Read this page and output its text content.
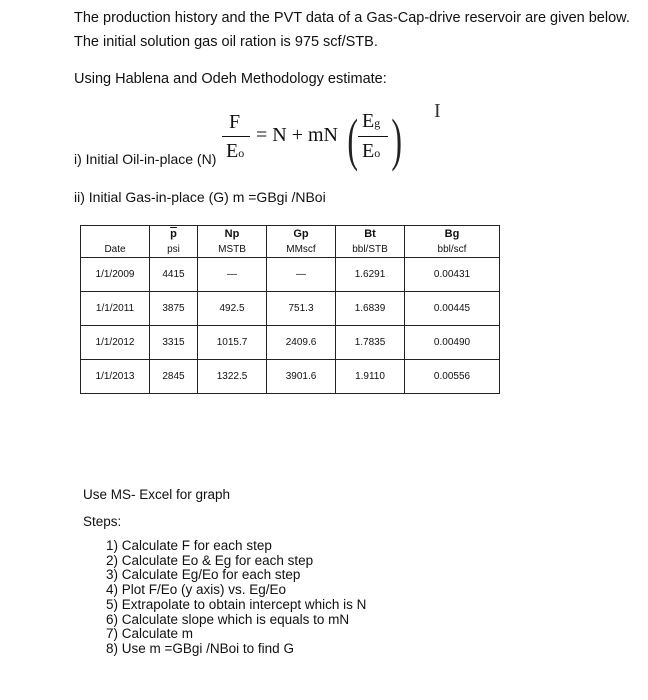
The production history and the PVT data of a Gas-Cap-drive reservoir are given below.
The initial solution gas oil ration is 975 scf/STB.
Using Hablena and Odeh Methodology estimate:
I
F
Eo
= N + mN ( Eg
Eo )
i) Initial Oil-in-place (N)
ii) Initial Gas-in-place (G) m =GBgi /NBoi
	$\overline{p}$	Np	Gp	Bt	Bg
Date	psi	MSTB	MMscf	bbl/STB	bbl/scf
1/1/2009	4415	—	—	1.6291	0.00431
1/1/2011	3875	492.5	751.3	1.6839	0.00445
1/1/2012	3315	1015.7	2409.6	1.7835	0.00490
1/1/2013	2845	1322.5	3901.6	1.9110	0.00556
Use MS- Excel for graph
Steps:
1) Calculate F for each step
2) Calculate Eo & Eg for each step
3) Calculate Eg/Eo for each step
4) Plot F/Eo (y axis) vs. Eg/Eo
5) Extrapolate to obtain intercept which is N
6) Calculate slope which is equals to mN
7) Calculate m
8) Use m =GBgi /NBoi to find G
